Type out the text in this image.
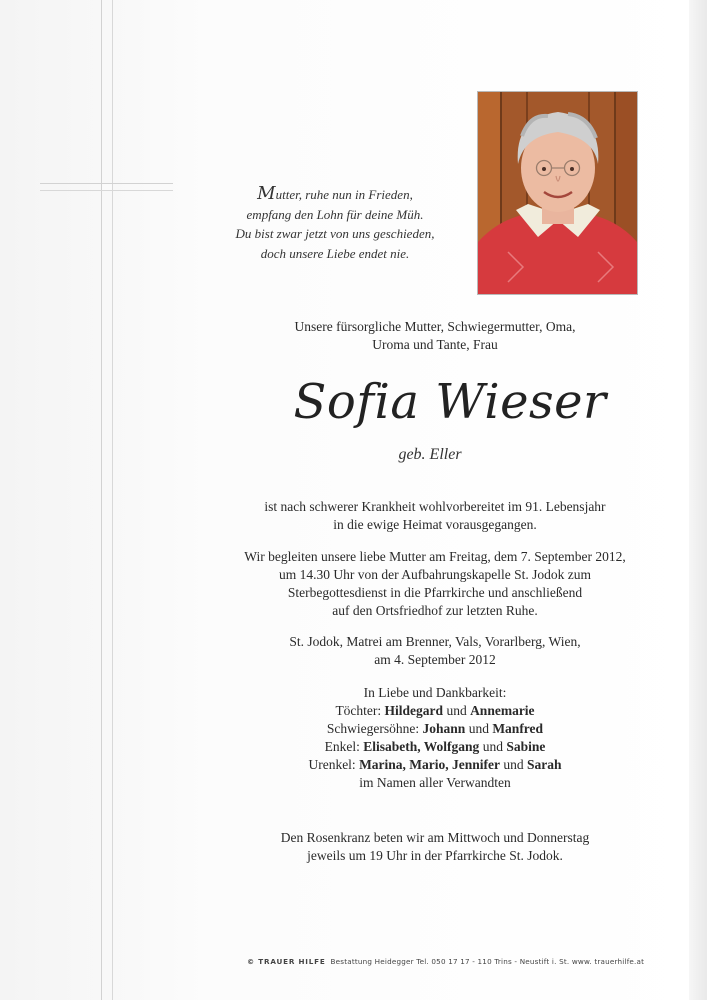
Mutter, ruhe nun in Frieden,
empfang den Lohn für deine Müh.
Du bist zwar jetzt von uns geschieden,
doch unsere Liebe endet nie.
Unsere fürsorgliche Mutter, Schwiegermutter, Oma,
Uroma und Tante, Frau
Sofia Wieser
geb. Eller
ist nach schwerer Krankheit wohlvorbereitet im 91. Lebensjahr
in die ewige Heimat vorausgegangen.
Wir begleiten unsere liebe Mutter am Freitag, dem 7. September 2012,
um 14.30 Uhr von der Aufbahrungskapelle St. Jodok zum
Sterbegottesdienst in die Pfarrkirche und anschließend
auf den Ortsfriedhof zur letzten Ruhe.
St. Jodok, Matrei am Brenner, Vals, Vorarlberg, Wien,
am 4. September 2012
In Liebe und Dankbarkeit:
Töchter: Hildegard und Annemarie
Schwiegersöhne: Johann und Manfred
Enkel: Elisabeth, Wolfgang und Sabine
Urenkel: Marina, Mario, Jennifer und Sarah
im Namen aller Verwandten
Den Rosenkranz beten wir am Mittwoch und Donnerstag
jeweils um 19 Uhr in der Pfarrkirche St. Jodok.
© TRAUER HILFE Bestattung Heidegger Tel. 050 17 17 - 110 Trins - Neustift i. St. www. trauerhilfe.at
